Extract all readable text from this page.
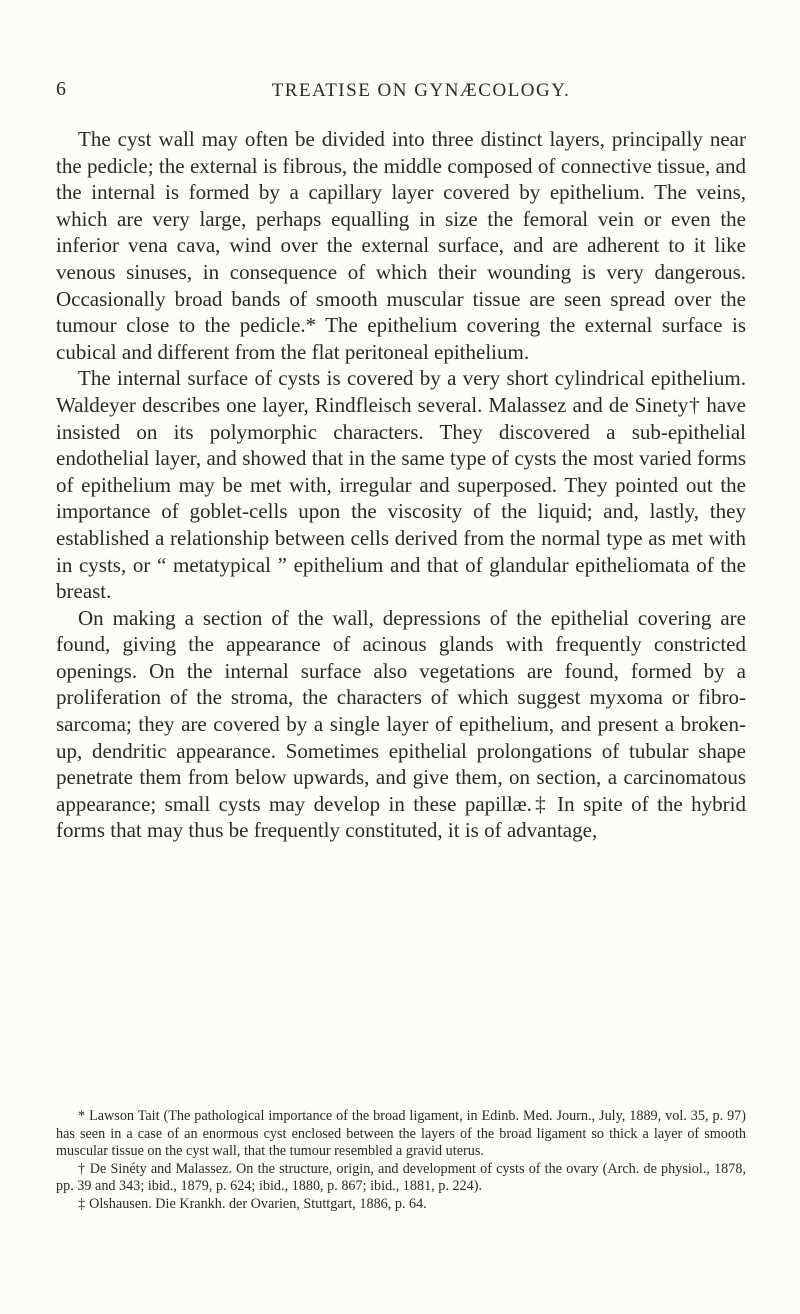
6	TREATISE ON GYNÆCOLOGY.

The cyst wall may often be divided into three distinct layers, principally near the pedicle; the external is fibrous, the middle composed of connective tissue, and the internal is formed by a capillary layer covered by epithelium. The veins, which are very large, perhaps equalling in size the femoral vein or even the inferior vena cava, wind over the external surface, and are adherent to it like venous sinuses, in consequence of which their wounding is very dangerous. Occasionally broad bands of smooth muscular tissue are seen spread over the tumour close to the pedicle.* The epithelium covering the external surface is cubical and different from the flat peritoneal epithelium.

The internal surface of cysts is covered by a very short cylindrical epithelium. Waldeyer describes one layer, Rindfleisch several. Malassez and de Sinety† have insisted on its polymorphic characters. They discovered a sub-epithelial endothelial layer, and showed that in the same type of cysts the most varied forms of epithelium may be met with, irregular and superposed. They pointed out the importance of goblet-cells upon the viscosity of the liquid; and, lastly, they established a relationship between cells derived from the normal type as met with in cysts, or “ metatypical ” epithelium and that of glandular epitheliomata of the breast.

On making a section of the wall, depressions of the epithelial covering are found, giving the appearance of acinous glands with frequently constricted openings. On the internal surface also vegetations are found, formed by a proliferation of the stroma, the characters of which suggest myxoma or fibro-sarcoma; they are covered by a single layer of epithelium, and present a broken-up, dendritic appearance. Sometimes epithelial prolongations of tubular shape penetrate them from below upwards, and give them, on section, a carcinomatous appearance; small cysts may develop in these papillæ.‡ In spite of the hybrid forms that may thus be frequently constituted, it is of advantage,

* Lawson Tait (The pathological importance of the broad ligament, in Edinb. Med. Journ., July, 1889, vol. 35, p. 97) has seen in a case of an enormous cyst enclosed between the layers of the broad ligament so thick a layer of smooth muscular tissue on the cyst wall, that the tumour resembled a gravid uterus.

† De Sinéty and Malassez. On the structure, origin, and development of cysts of the ovary (Arch. de physiol., 1878, pp. 39 and 343; ibid., 1879, p. 624; ibid., 1880, p. 867; ibid., 1881, p. 224).

‡ Olshausen. Die Krankh. der Ovarien, Stuttgart, 1886, p. 64.
